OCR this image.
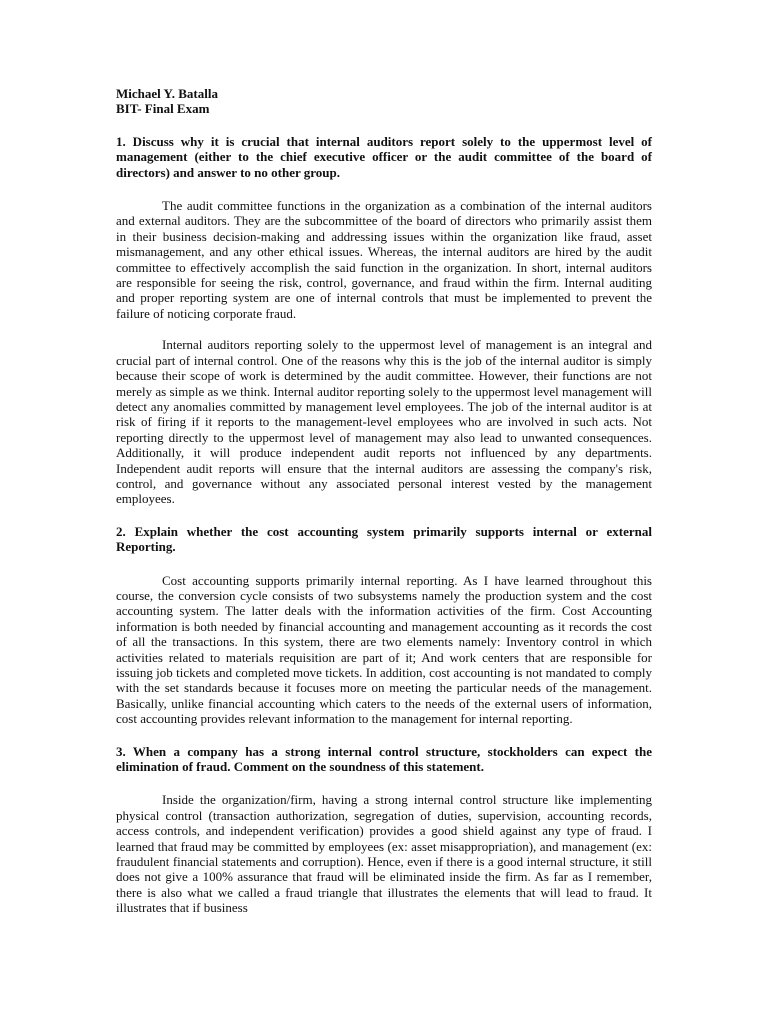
Michael Y. Batalla

BIT- Final Exam

1. Discuss why it is crucial that internal auditors report solely to the uppermost level of management (either to the chief executive officer or the audit committee of the board of directors) and answer to no other group.

The audit committee functions in the organization as a combination of the internal auditors and external auditors. They are the subcommittee of the board of directors who primarily assist them in their business decision-making and addressing issues within the organization like fraud, asset mismanagement, and any other ethical issues. Whereas, the internal auditors are hired by the audit committee to effectively accomplish the said function in the organization. In short, internal auditors are responsible for seeing the risk, control, governance, and fraud within the firm. Internal auditing and proper reporting system are one of internal controls that must be implemented to prevent the failure of noticing corporate fraud.

Internal auditors reporting solely to the uppermost level of management is an integral and crucial part of internal control. One of the reasons why this is the job of the internal auditor is simply because their scope of work is determined by the audit committee. However, their functions are not merely as simple as we think. Internal auditor reporting solely to the uppermost level management will detect any anomalies committed by management level employees. The job of the internal auditor is at risk of firing if it reports to the management-level employees who are involved in such acts. Not reporting directly to the uppermost level of management may also lead to unwanted consequences. Additionally, it will produce independent audit reports not influenced by any departments. Independent audit reports will ensure that the internal auditors are assessing the company's risk, control, and governance without any associated personal interest vested by the management employees.

2. Explain whether the cost accounting system primarily supports internal or external Reporting.

Cost accounting supports primarily internal reporting. As I have learned throughout this course, the conversion cycle consists of two subsystems namely the production system and the cost accounting system. The latter deals with the information activities of the firm. Cost Accounting information is both needed by financial accounting and management accounting as it records the cost of all the transactions. In this system, there are two elements namely: Inventory control in which activities related to materials requisition are part of it; And work centers that are responsible for issuing job tickets and completed move tickets. In addition, cost accounting is not mandated to comply with the set standards because it focuses more on meeting the particular needs of the management. Basically, unlike financial accounting which caters to the needs of the external users of information, cost accounting provides relevant information to the management for internal reporting.

3. When a company has a strong internal control structure, stockholders can expect the elimination of fraud. Comment on the soundness of this statement.

Inside the organization/firm, having a strong internal control structure like implementing physical control (transaction authorization, segregation of duties, supervision, accounting records, access controls, and independent verification) provides a good shield against any type of fraud. I learned that fraud may be committed by employees (ex: asset misappropriation), and management (ex: fraudulent financial statements and corruption). Hence, even if there is a good internal structure, it still does not give a 100% assurance that fraud will be eliminated inside the firm. As far as I remember, there is also what we called a fraud triangle that illustrates the elements that will lead to fraud. It illustrates that if business
